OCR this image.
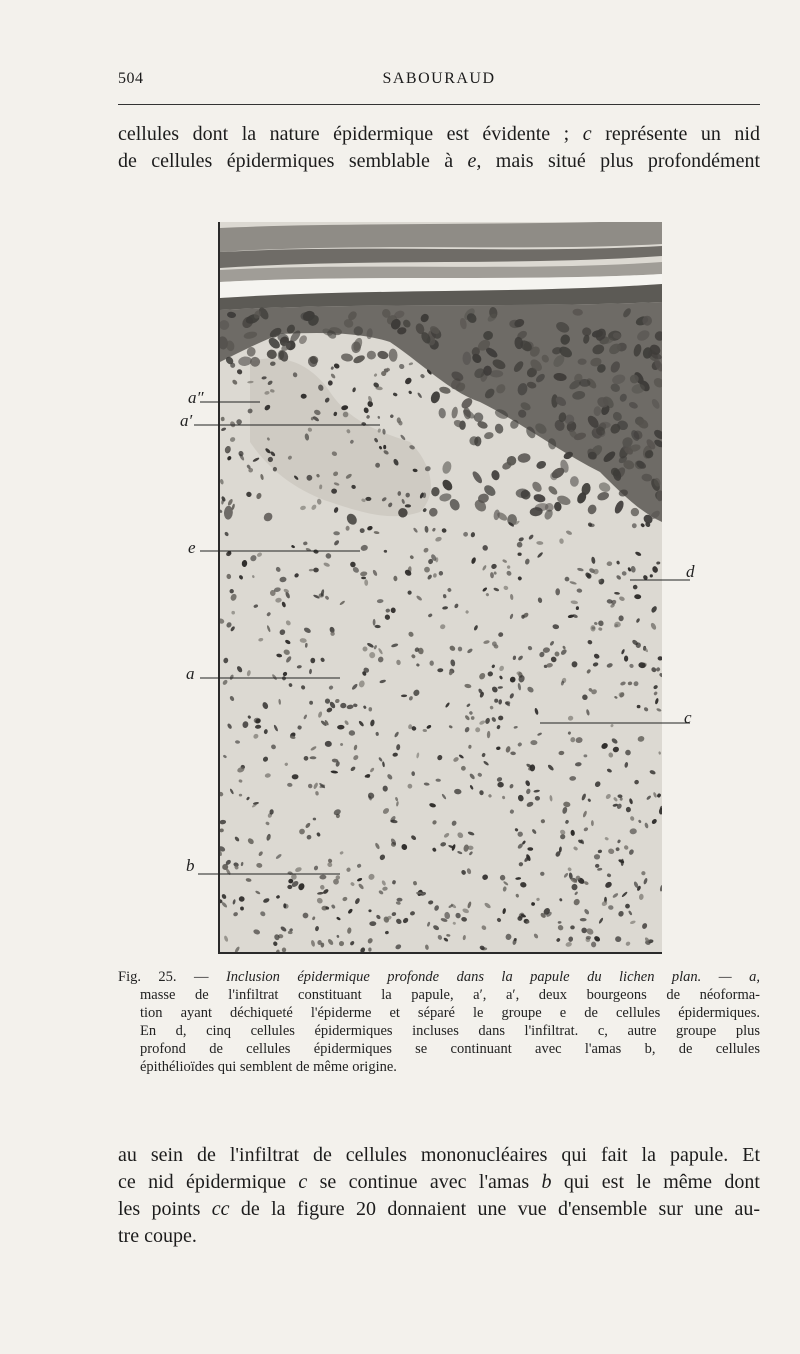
504	SABOURAUD

cellules dont la nature épidermique est évidente ; c représente un nid
de cellules épidermiques semblable à e, mais situé plus profondément

a″
a′
e
d
a
c
b

Fig. 25. — Inclusion épidermique profonde dans la papule du lichen plan. — a,
masse de l'infiltrat constituant la papule, a′, a′, deux bourgeons de néoforma-
tion ayant déchiqueté l'épiderme et séparé le groupe e de cellules épidermiques.
En d, cinq cellules épidermiques incluses dans l'infiltrat. c, autre groupe plus
profond de cellules épidermiques se continuant avec l'amas b, de cellules
épithélioïdes qui semblent de même origine.

au sein de l'infiltrat de cellules mononucléaires qui fait la papule. Et
ce nid épidermique c se continue avec l'amas b qui est le même dont
les points cc de la figure 20 donnaient une vue d'ensemble sur une au-
tre coupe.
